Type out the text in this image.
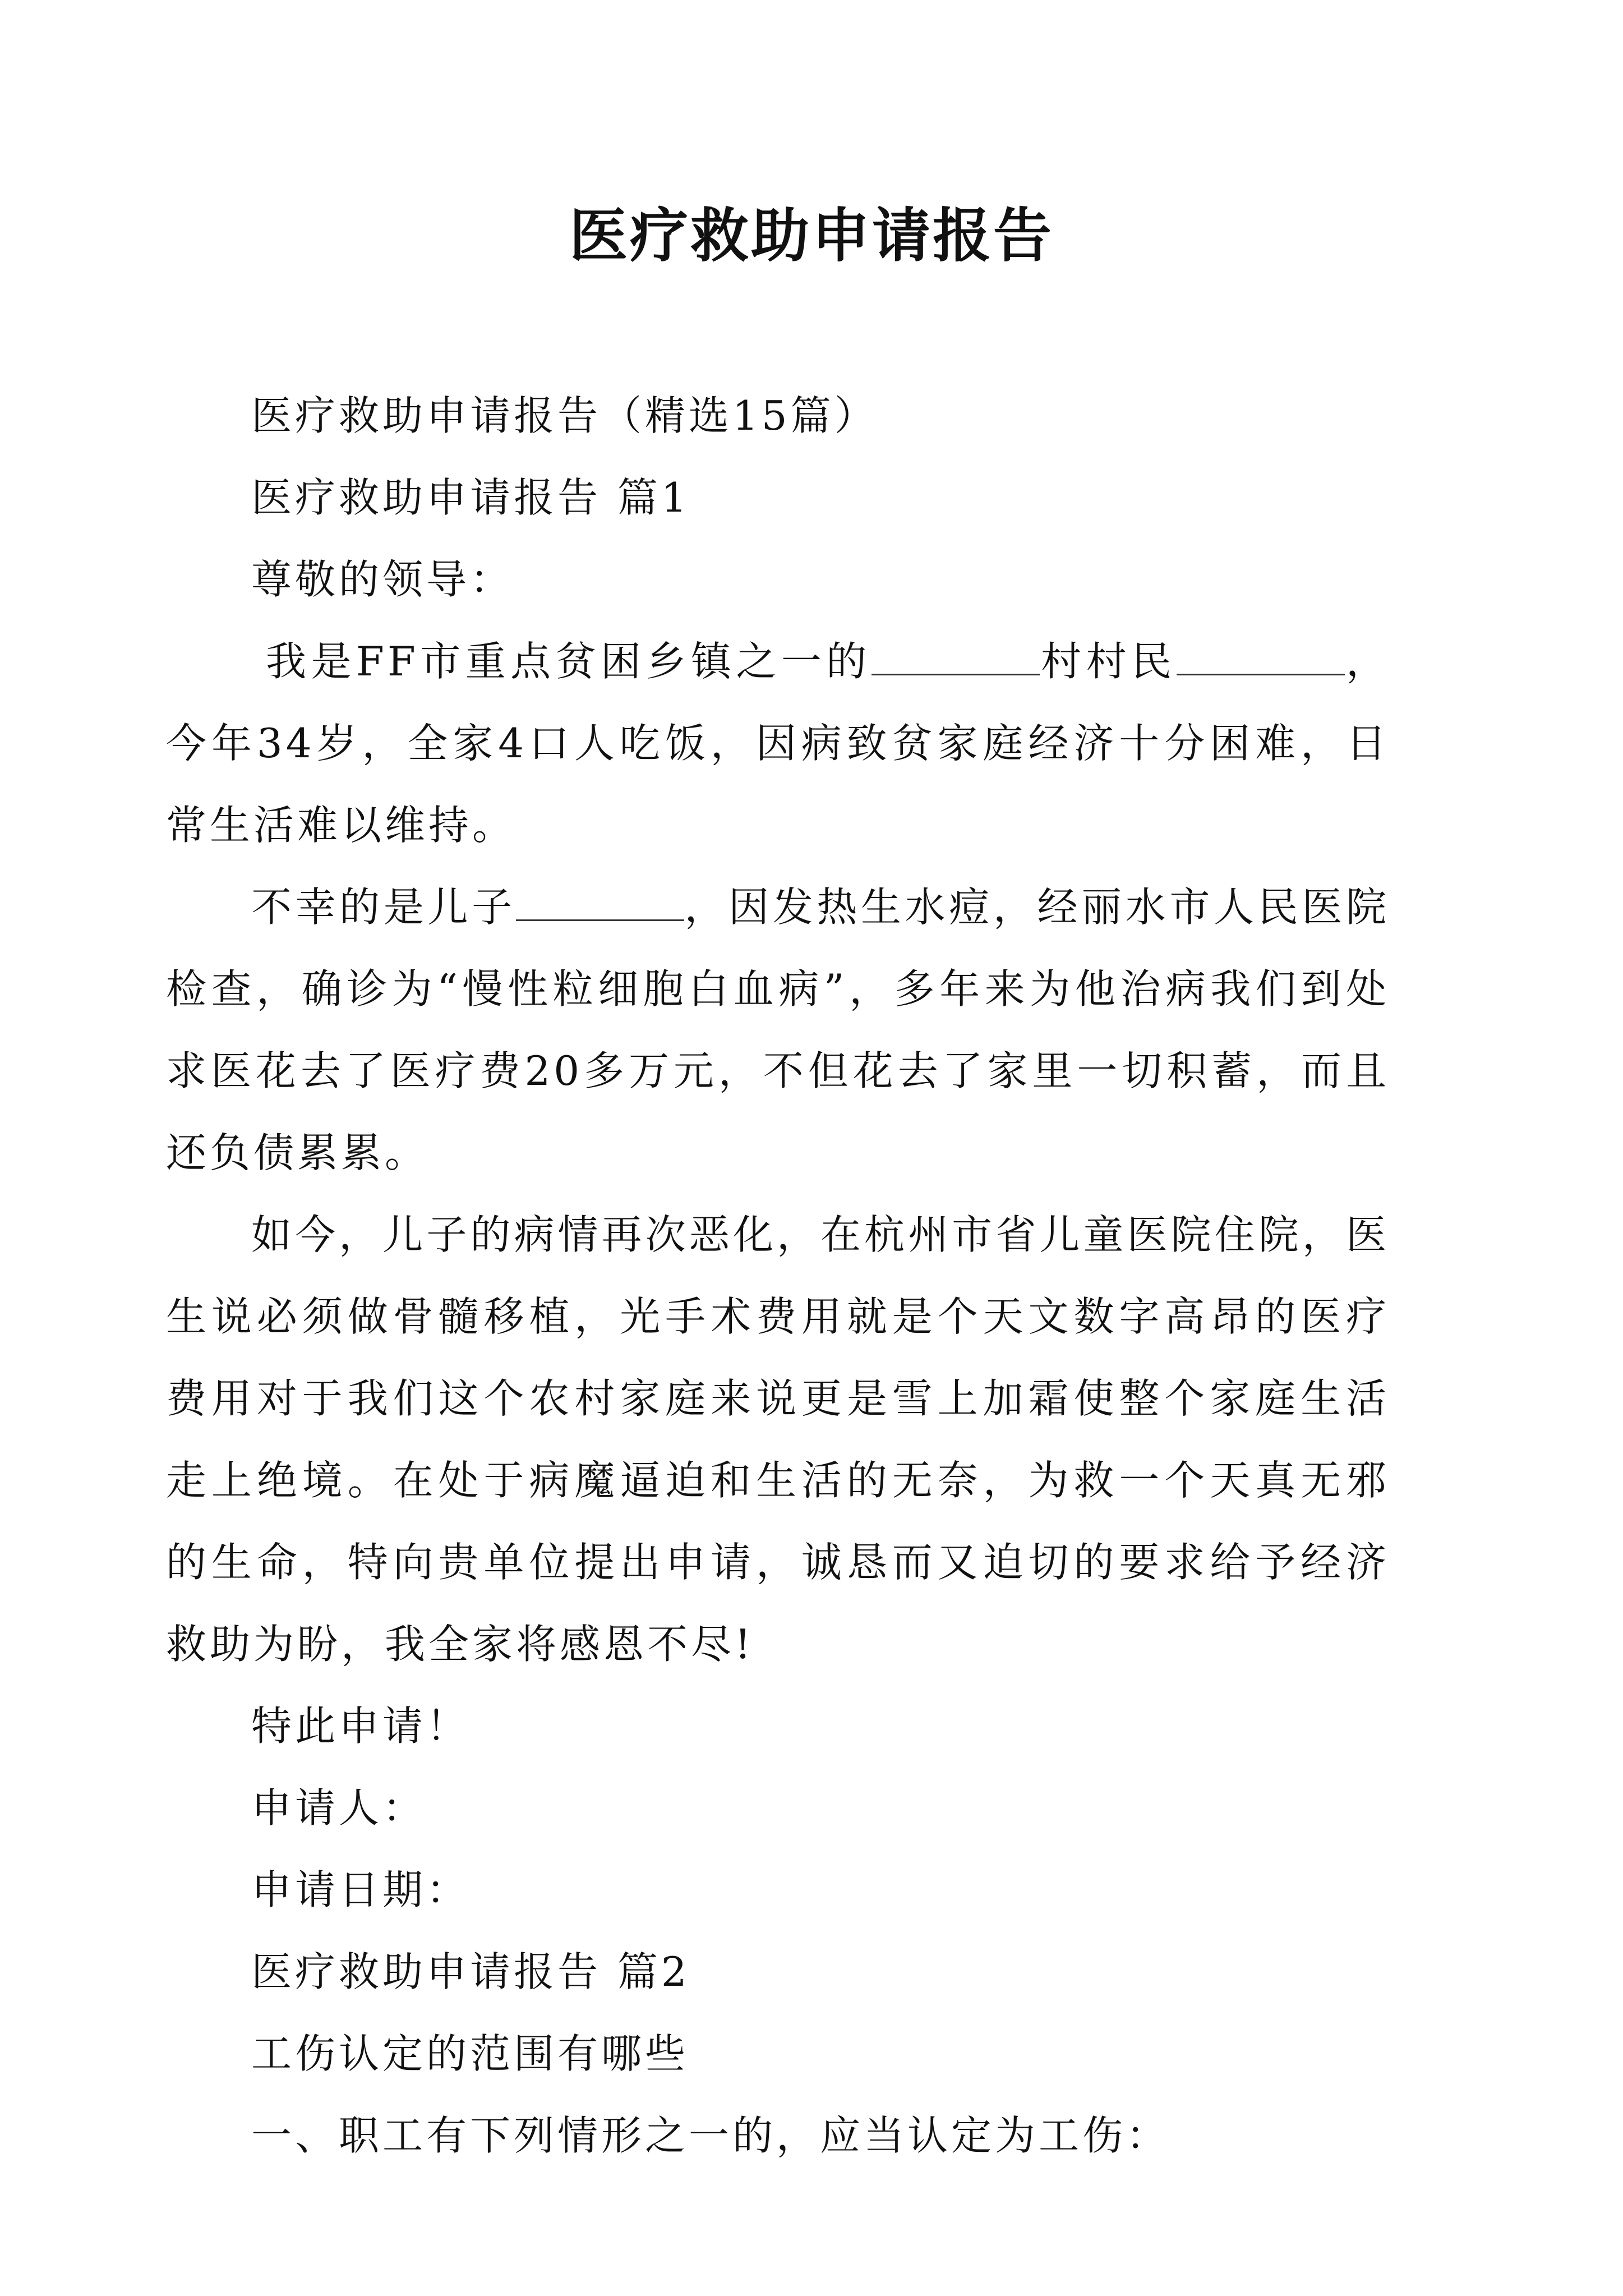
医疗救助申请报告

医疗救助申请报告（精选15篇）

医疗救助申请报告 篇1

尊敬的领导：

我是FF市重点贫困乡镇之一的	村村民	，今年34岁，全家4口人吃饭，因病致贫家庭经济十分困难，日常生活难以维持。

不幸的是儿子	，因发热生水痘，经丽水市人民医院检查，确诊为“慢性粒细胞白血病”，多年来为他治病我们到处求医花去了医疗费20多万元，不但花去了家里一切积蓄，而且还负债累累。

如今，儿子的病情再次恶化，在杭州市省儿童医院住院，医生说必须做骨髓移植，光手术费用就是个天文数字高昂的医疗费用对于我们这个农村家庭来说更是雪上加霜使整个家庭生活走上绝境。在处于病魔逼迫和生活的无奈，为救一个天真无邪的生命，特向贵单位提出申请，诚恳而又迫切的要求给予经济救助为盼，我全家将感恩不尽!

特此申请！

申请人：

申请日期：

医疗救助申请报告 篇2

工伤认定的范围有哪些

一、职工有下列情形之一的，应当认定为工伤：
